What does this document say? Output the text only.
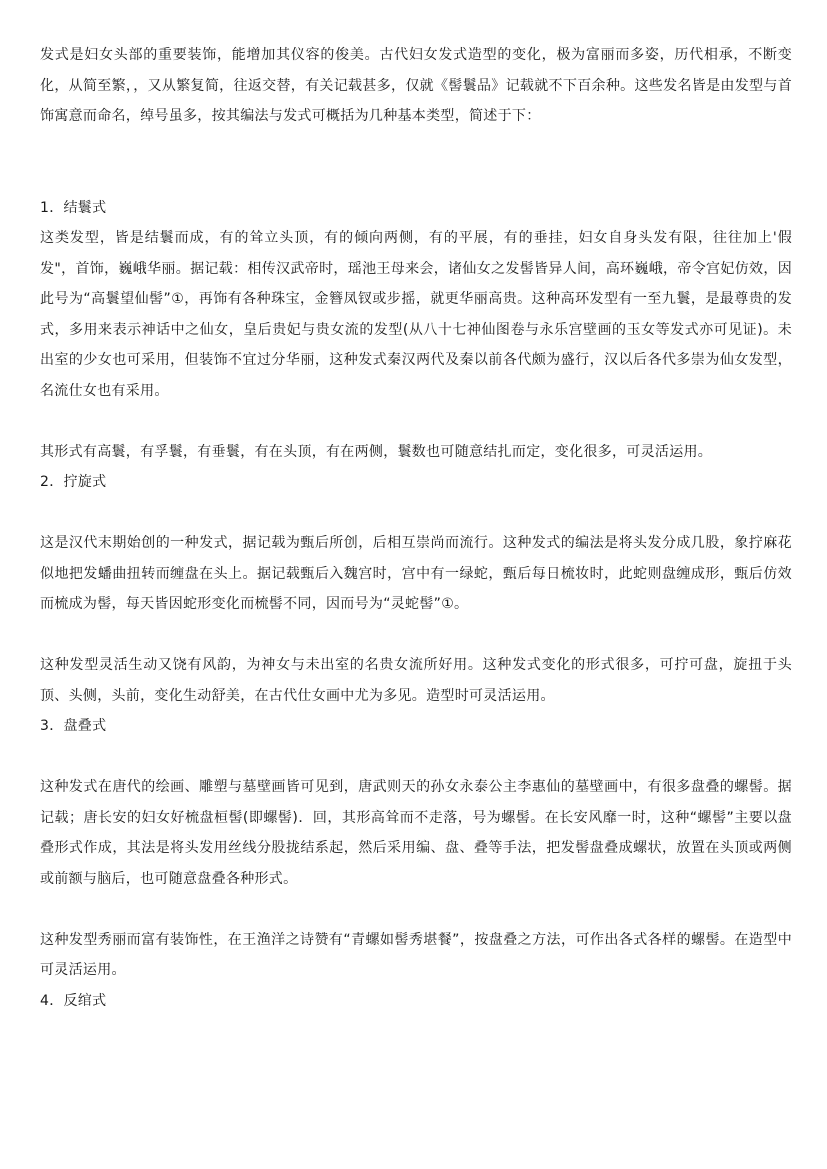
发式是妇女头部的重要装饰，能增加其仪容的俊美。古代妇女发式造型的变化，极为富丽而多姿，历代相承，不断变化，从简至繁，，又从繁复简，往返交替，有关记载甚多，仅就《髻鬟品》记载就不下百余种。这些发名皆是由发型与首饰寓意而命名，绰号虽多，按其编法与发式可概括为几种基本类型，简述于下：

1．结鬟式

这类发型，皆是结鬟而成，有的耸立头顶，有的倾向两侧，有的平展，有的垂挂，妇女自身头发有限，往往加上'假发"，首饰，巍峨华丽。据记载：相传汉武帝时，瑶池王母来会，诸仙女之发髻皆异人间，高环巍峨，帝令宫妃仿效，因此号为“高鬟望仙髻”①，再饰有各种珠宝，金簪凤钗或步摇，就更华丽高贵。这种高环发型有一至九鬟，是最尊贵的发式，多用来表示神话中之仙女，皇后贵妃与贵女流的发型(从八十七神仙图卷与永乐宫壁画的玉女等发式亦可见证)。未出室的少女也可采用，但装饰不宜过分华丽，这种发式秦汉两代及秦以前各代颇为盛行，汉以后各代多崇为仙女发型，名流仕女也有采用。

其形式有高鬟，有孚鬟，有垂鬟，有在头顶，有在两侧，鬟数也可随意结扎而定，变化很多，可灵活运用。

2．拧旋式

这是汉代末期始创的一种发式，据记载为甄后所创，后相互崇尚而流行。这种发式的编法是将头发分成几股，象拧麻花似地把发蟠曲扭转而缠盘在头上。据记载甄后入魏宫时，宫中有一绿蛇，甄后每日梳妆时，此蛇则盘缠成形，甄后仿效而梳成为髻，每天皆因蛇形变化而梳髻不同，因而号为“灵蛇髻”①。

这种发型灵活生动又饶有风韵，为神女与未出室的名贵女流所好用。这种发式变化的形式很多，可拧可盘，旋扭于头顶、头侧，头前，变化生动舒美，在古代仕女画中尤为多见。造型时可灵活运用。

3．盘叠式

这种发式在唐代的绘画、雕塑与墓壁画皆可见到，唐武则天的孙女永泰公主李惠仙的墓壁画中，有很多盘叠的螺髻。据记载；唐长安的妇女好梳盘桓髻(即螺髻)．回，其形高耸而不走落，号为螺髻。在长安风靡一时，这种“螺髻”主要以盘叠形式作成，其法是将头发用丝线分股拢结系起，然后采用编、盘、叠等手法，把发髻盘叠成螺状，放置在头顶或两侧或前额与脑后，也可随意盘叠各种形式。

这种发型秀丽而富有装饰性，在王渔洋之诗赞有“青螺如髻秀堪餐”，按盘叠之方法，可作出各式各样的螺髻。在造型中可灵活运用。

4．反绾式
